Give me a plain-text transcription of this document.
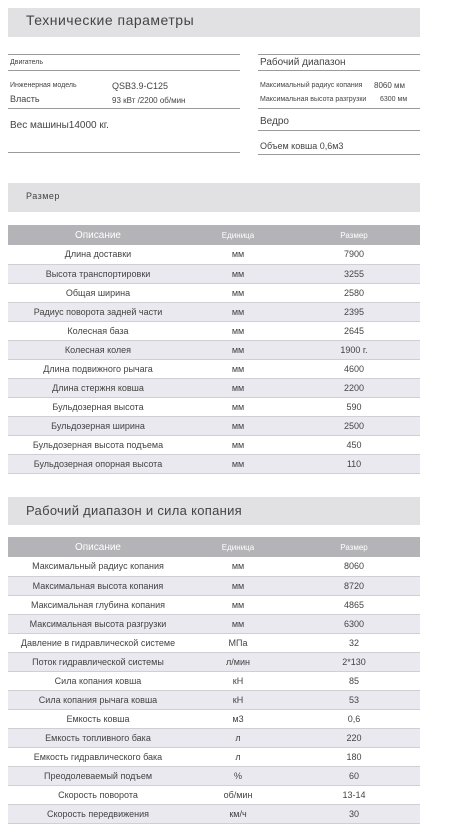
Технические параметры
Двигатель	Рабочий диапазон
Инженерная модель	QSB3.9-C125	Максимальный радиус копания 8060 мм
Власть	93 кВт /2200 об/мин	Максимальная высота разгрузки 6300 мм
Вес машины14000 кг.	Ведро
Объем ковша 0,6м3
Размер
Описание	Единица	Размер
Длина доставки	мм	7900
Высота транспортировки	мм	3255
Общая ширина	мм	2580
Радиус поворота задней части	мм	2395
Колесная база	мм	2645
Колесная колея	мм	1900 г.
Длина подвижного рычага	мм	4600
Длина стержня ковша	мм	2200
Бульдозерная высота	мм	590
Бульдозерная ширина	мм	2500
Бульдозерная высота подъема	мм	450
Бульдозерная опорная высота	мм	110
Рабочий диапазон и сила копания
Описание	Единица	Размер
Максимальный радиус копания	мм	8060
Максимальная высота копания	мм	8720
Максимальная глубина копания	мм	4865
Максимальная высота разгрузки	мм	6300
Давление в гидравлической системе	МПа	32
Поток гидравлической системы	л/мин	2*130
Сила копания ковша	кН	85
Сила копания рычага ковша	кН	53
Емкость ковша	м3	0,6
Емкость топливного бака	л	220
Емкость гидравлического бака	л	180
Преодолеваемый подъем	%	60
Скорость поворота	об/мин	13-14
Скорость передвижения	км/ч	30
